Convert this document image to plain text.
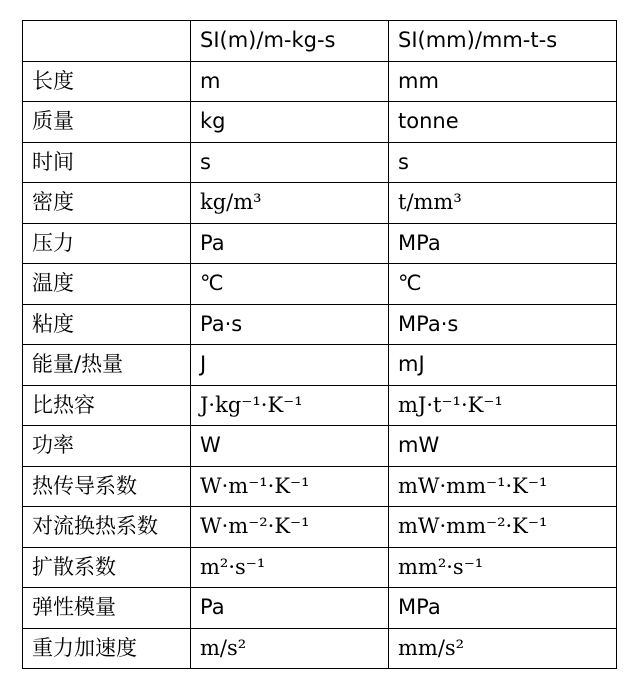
	SI(m)/m-kg-s	SI(mm)/mm-t-s
长度	m	mm
质量	kg	tonne
时间	s	s
密度	kg/m³	t/mm³
压力	Pa	MPa
温度	℃	℃
粘度	Pa·s	MPa·s
能量/热量	J	mJ
比热容	J·kg⁻¹·K⁻¹	mJ·t⁻¹·K⁻¹
功率	W	mW
热传导系数	W·m⁻¹·K⁻¹	mW·mm⁻¹·K⁻¹
对流换热系数	W·m⁻²·K⁻¹	mW·mm⁻²·K⁻¹
扩散系数	m²·s⁻¹	mm²·s⁻¹
弹性模量	Pa	MPa
重力加速度	m/s²	mm/s²
